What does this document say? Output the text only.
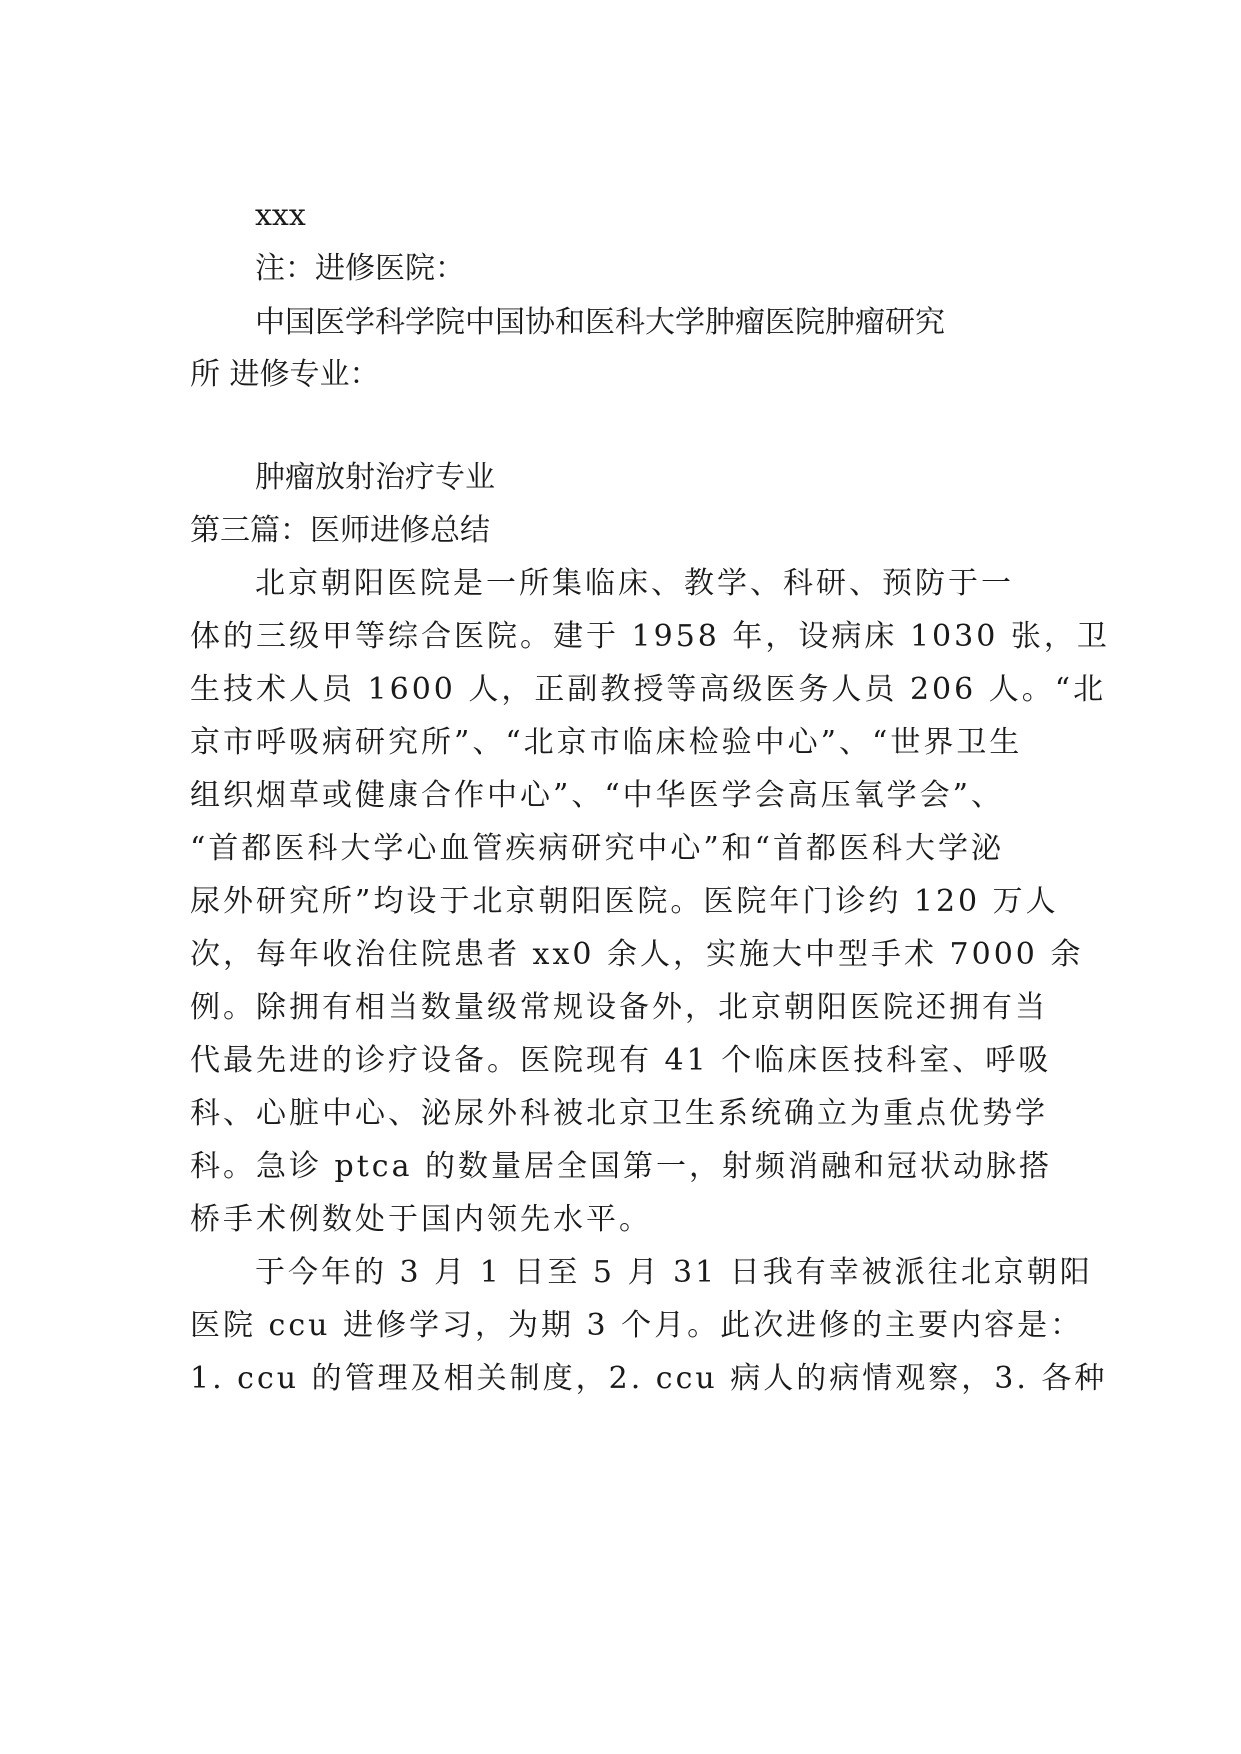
xxx

注：进修医院：

中国医学科学院中国协和医科大学肿瘤医院肿瘤研究

所 进修专业：

肿瘤放射治疗专业

第三篇：医师进修总结

北京朝阳医院是一所集临床、教学、科研、预防于一

体的三级甲等综合医院。建于 1958 年，设病床 1030 张，卫

生技术人员 1600 人，正副教授等高级医务人员 206 人。“北

京市呼吸病研究所”、“北京市临床检验中心”、“世界卫生

组织烟草或健康合作中心”、“中华医学会高压氧学会”、

“首都医科大学心血管疾病研究中心”和“首都医科大学泌

尿外研究所”均设于北京朝阳医院。医院年门诊约 120 万人

次，每年收治住院患者 xx0 余人，实施大中型手术 7000 余

例。除拥有相当数量级常规设备外，北京朝阳医院还拥有当

代最先进的诊疗设备。医院现有 41 个临床医技科室、呼吸

科、心脏中心、泌尿外科被北京卫生系统确立为重点优势学

科。急诊 ptca 的数量居全国第一，射频消融和冠状动脉搭

桥手术例数处于国内领先水平。

于今年的 3 月 1 日至 5 月 31 日我有幸被派往北京朝阳

医院 ccu 进修学习，为期 3 个月。此次进修的主要内容是：

1. ccu 的管理及相关制度，2. ccu 病人的病情观察，3. 各种
